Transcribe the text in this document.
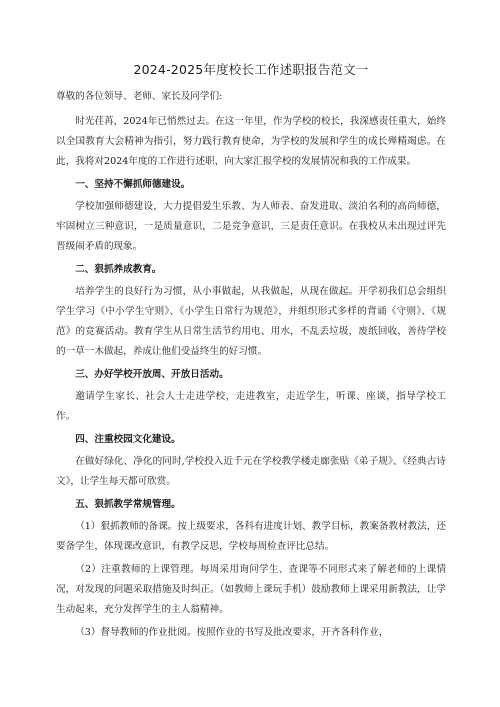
2024-2025年度校长工作述职报告范文一
尊敬的各位领导、老师、家长及同学们:

时光荏苒，2024年已悄然过去。在这一年里，作为学校的校长，我深感责任重大，始终以全国教育大会精神为指引，努力践行教育使命，为学校的发展和学生的成长殚精竭虑。在此，我将对2024年度的工作进行述职，向大家汇报学校的发展情况和我的工作成果。

一、坚持不懈抓师德建设。

学校加强师德建设，大力提倡爱生乐教、为人师表、奋发进取、淡泊名利的高尚师德，牢固树立三种意识，一是质量意识，二是竞争意识，三是责任意识。在我校从未出现过评先晋级闹矛盾的现象。

二、狠抓养成教育。

培养学生的良好行为习惯，从小事做起，从我做起，从现在做起。开学初我们总会组织学生学习《中小学生守则》、《小学生日常行为规范》，并组织形式多样的背诵《守则》、《规范》的竞赛活动。教育学生从日常生活节约用电、用水，不乱丢垃圾，废纸回收，善待学校的一草一木做起，养成让他们受益终生的好习惯。

三、办好学校开放周、开放日活动。

邀请学生家长、社会人士走进学校，走进教室，走近学生，听课、座谈，指导学校工作。

四、注重校园文化建设。

在做好绿化、净化的同时,学校投入近千元在学校教学楼走廊张贴《弟子规》、《经典古诗文》，让学生每天都可欣赏。

五、狠抓教学常规管理。

（1）狠抓教师的备课。按上级要求，各科有进度计划、教学目标，教案备教材教法，还要备学生，体现课改意识，有教学反思，学校每周检查评比总结。

（2）注重教师的上课管理。每周采用询问学生、查课等不同形式来了解老师的上课情况，对发现的问题采取措施及时纠正。（如教师上课玩手机）鼓励教师上课采用新教法，让学生动起来，充分发挥学生的主人翁精神。

（3）督导教师的作业批阅。按照作业的书写及批改要求，开齐各科作业，
